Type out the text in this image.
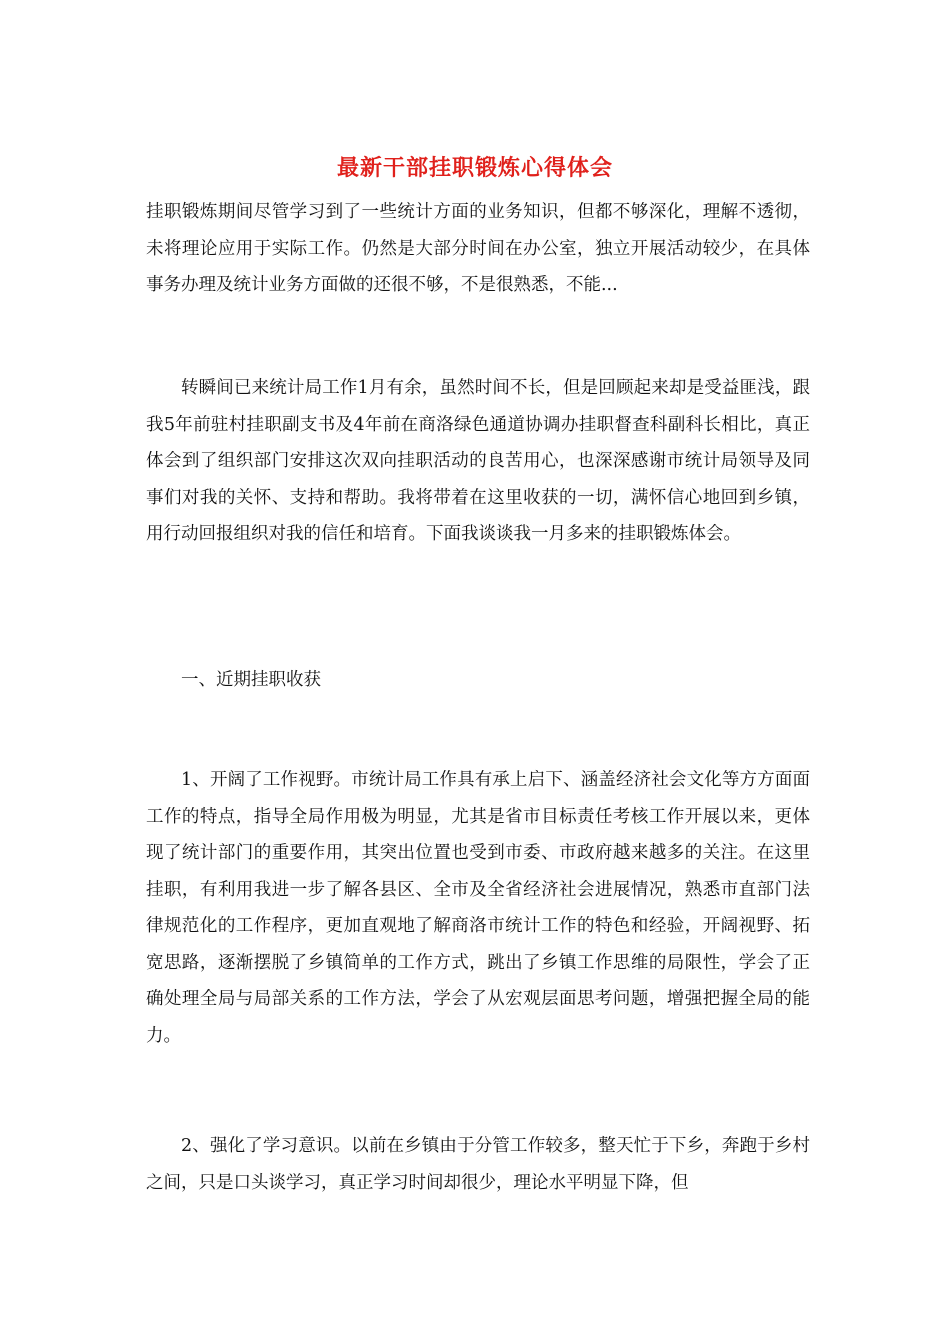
最新干部挂职锻炼心得体会

挂职锻炼期间尽管学习到了一些统计方面的业务知识，但都不够深化，理解不透彻，未将理论应用于实际工作。仍然是大部分时间在办公室，独立开展活动较少，在具体事务办理及统计业务方面做的还很不够，不是很熟悉，不能...

转瞬间已来统计局工作1月有余，虽然时间不长，但是回顾起来却是受益匪浅，跟我5年前驻村挂职副支书及4年前在商洛绿色通道协调办挂职督查科副科长相比，真正体会到了组织部门安排这次双向挂职活动的良苦用心，也深深感谢市统计局领导及同事们对我的关怀、支持和帮助。我将带着在这里收获的一切，满怀信心地回到乡镇，用行动回报组织对我的信任和培育。下面我谈谈我一月多来的挂职锻炼体会。

一、近期挂职收获

1、开阔了工作视野。市统计局工作具有承上启下、涵盖经济社会文化等方方面面工作的特点，指导全局作用极为明显，尤其是省市目标责任考核工作开展以来，更体现了统计部门的重要作用，其突出位置也受到市委、市政府越来越多的关注。在这里挂职，有利用我进一步了解各县区、全市及全省经济社会进展情况，熟悉市直部门法律规范化的工作程序，更加直观地了解商洛市统计工作的特色和经验，开阔视野、拓宽思路，逐渐摆脱了乡镇简单的工作方式，跳出了乡镇工作思维的局限性，学会了正确处理全局与局部关系的工作方法，学会了从宏观层面思考问题，增强把握全局的能力。

2、强化了学习意识。以前在乡镇由于分管工作较多，整天忙于下乡，奔跑于乡村之间，只是口头谈学习，真正学习时间却很少，理论水平明显下降，但
